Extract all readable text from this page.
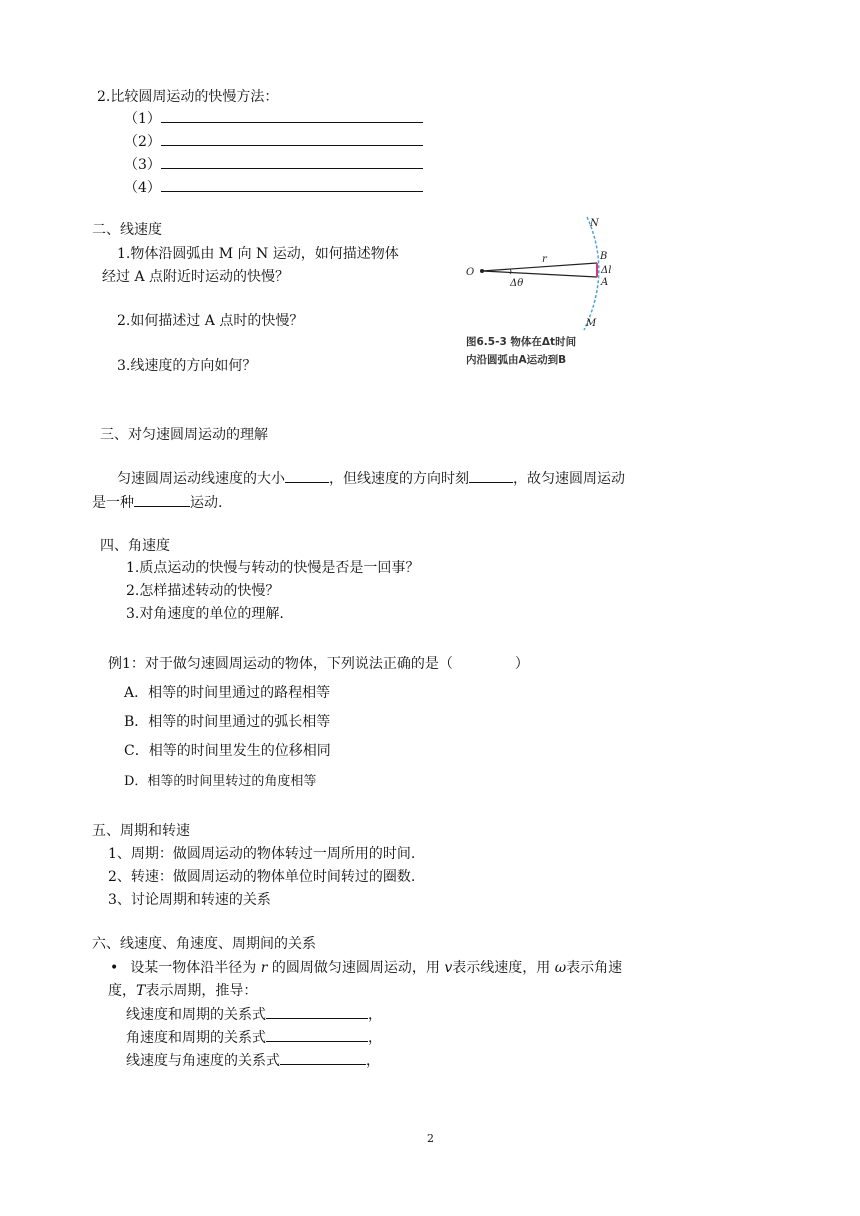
2.比较圆周运动的快慢方法：
（1）
（2）
（3）
（4）
二、线速度
1.物体沿圆弧由 M 向 N 运动，如何描述物体
经过 A 点附近时运动的快慢？
2.如何描述过 A 点时的快慢？
3.线速度的方向如何？
O
r	B
Δl
A
Δθ
N
M
图6.5-3 物体在Δt时间
内沿圆弧由A运动到B
三、对匀速圆周运动的理解
匀速圆周运动线速度的大小	，但线速度的方向时刻	，故匀速圆周运动
是一种	运动.
四、角速度
1.质点运动的快慢与转动的快慢是否是一回事？
2.怎样描述转动的快慢？
3.对角速度的单位的理解.
例1：对于做匀速圆周运动的物体，下列说法正确的是（	）
A．相等的时间里通过的路程相等
B．相等的时间里通过的弧长相等
C．相等的时间里发生的位移相同
D．相等的时间里转过的角度相等
五、周期和转速
1、周期：做圆周运动的物体转过一周所用的时间.
2、转速：做圆周运动的物体单位时间转过的圈数.
3、讨论周期和转速的关系
六、线速度、角速度、周期间的关系
• 设某一物体沿半径为 r 的圆周做匀速圆周运动，用 v表示线速度，用 ω表示角速
度，T表示周期，推导：
线速度和周期的关系式	，
角速度和周期的关系式	，
线速度与角速度的关系式	，
2
